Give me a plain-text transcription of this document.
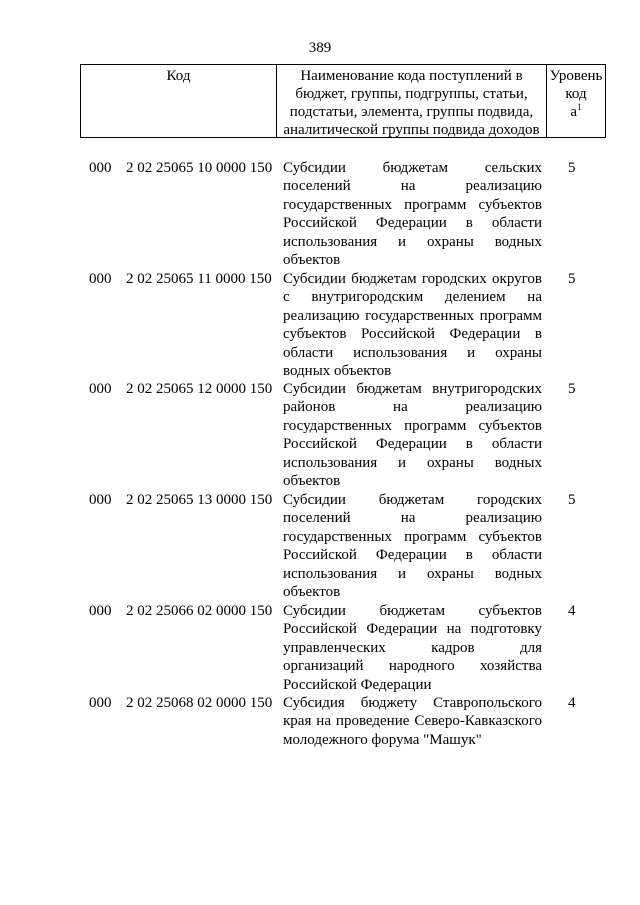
389
Код	Наименование кода поступлений в бюджет, группы, подгруппы, статьи, подстатьи, элемента, группы подвида, аналитической группы подвида доходов
Уровень код
$а^1$
000 2 02 25065 10 0000 150 Субсидии бюджетам сельских поселений на реализацию государственных программ субъектов Российской Федерации в области использования и охраны водных объектов
5
000 2 02 25065 11 0000 150 Субсидии бюджетам городских округов с внутригородским делением на реализацию государственных программ субъектов Российской Федерации в области использования и охраны водных объектов
5
000 2 02 25065 12 0000 150 Субсидии бюджетам внутригородских районов на реализацию государственных программ субъектов Российской Федерации в области использования и охраны водных объектов
5
000 2 02 25065 13 0000 150 Субсидии бюджетам городских поселений на реализацию государственных программ субъектов Российской Федерации в области использования и охраны водных объектов
5
000 2 02 25066 02 0000 150 Субсидии бюджетам субъектов Российской Федерации на подготовку управленческих кадров для организаций народного хозяйства Российской Федерации
4
000 2 02 25068 02 0000 150 Субсидия бюджету Ставропольского края на проведение Северо-Кавказского молодежного форума "Машук"
4
